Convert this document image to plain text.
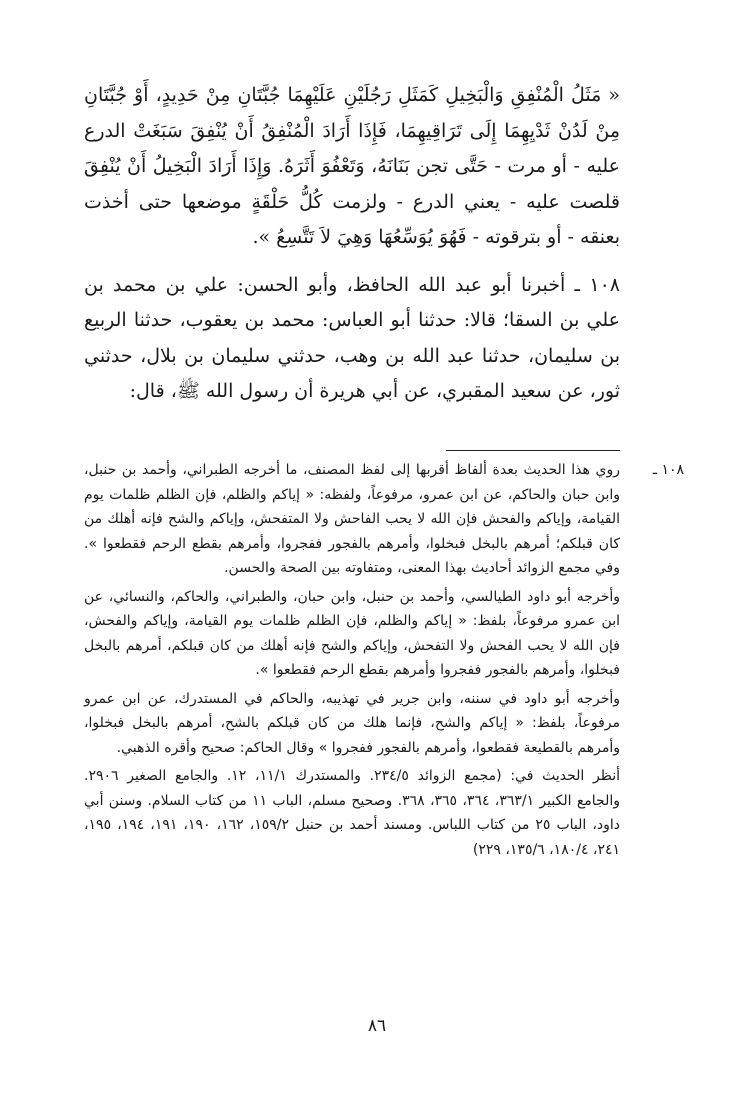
« مَثَلُ الْمُنْفِقِ وَالْبَخِيلِ كَمَثَلِ رَجُلَيْنِ عَلَيْهِمَا جُبَّتَانِ مِنْ حَدِيدٍ، أَوْ جُبَّتَانِ مِنْ لَدُنْ ثَدْيِهِمَا إِلَى تَرَاقِيهِمَا، فَإِذَا أَرَادَ الْمُنْفِقُ أَنْ يُنْفِقَ سَبَغَتْ الدرع عليه - أو مرت - حَتَّى تجن بَنَانَهُ، وَتَعْفُوَ أَثَرَهُ. وَإِذَا أَرَادَ الْبَخِيلُ أَنْ يُنْفِقَ قلصت عليه - يعني الدرع - ولزمت كُلُّ حَلْقَةٍ موضعها حتى أخذت بعنقه - أو بترقوته - فَهُوَ يُوَسِّعُهَا وَهِيَ لاَ تَتَّسِعُ ».

١٠٨ ـ أخبرنا أبو عبد الله الحافظ، وأبو الحسن: علي بن محمد بن علي بن السقا؛ قالا: حدثنا أبو العباس: محمد بن يعقوب، حدثنا الربيع بن سليمان، حدثنا عبد الله بن وهب، حدثني سليمان بن بلال، حدثني ثور، عن سعيد المقبري، عن أبي هريرة أن رسول الله ﷺ، قال:

١٠٨ ـ

روي هذا الحديث بعدة ألفاظ أقربها إلى لفظ المصنف، ما أخرجه الطبراني، وأحمد بن حنبل، وابن حبان والحاكم، عن ابن عمرو، مرفوعاً، ولفظه: « إياكم والظلم، فإن الظلم ظلمات يوم القيامة، وإياكم والفحش فإن الله لا يحب الفاحش ولا المتفحش، وإياكم والشح فإنه أهلك من كان قبلكم؛ أمرهم بالبخل فبخلوا، وأمرهم بالفجور ففجروا، وأمرهم بقطع الرحم فقطعوا ». وفي مجمع الزوائد أحاديث بهذا المعنى، ومتفاوته بين الصحة والحسن.

وأخرجه أبو داود الطيالسي، وأحمد بن حنبل، وابن حبان، والطبراني، والحاكم، والنسائي، عن ابن عمرو مرفوعاً، بلفظ: « إياكم والظلم، فإن الظلم ظلمات يوم القيامة، وإياكم والفحش، فإن الله لا يحب الفحش ولا التفحش، وإياكم والشح فإنه أهلك من كان قبلكم، أمرهم بالبخل فبخلوا، وأمرهم بالفجور ففجروا وأمرهم بقطع الرحم فقطعوا ».

وأخرجه أبو داود في سننه، وابن جرير في تهذيبه، والحاكم في المستدرك، عن ابن عمرو مرفوعاً، بلفظ: « إياكم والشح، فإنما هلك من كان قبلكم بالشح، أمرهم بالبخل فبخلوا، وأمرهم بالقطيعة فقطعوا، وأمرهم بالفجور ففجروا » وقال الحاكم: صحيح وأقره الذهبي.

أنظر الحديث في: (مجمع الزوائد ٢٣٤/٥. والمستدرك ١١/١، ١٢. والجامع الصغير ٢٩٠٦. والجامع الكبير ٣٦٣/١، ٣٦٤، ٣٦٥، ٣٦٨. وصحيح مسلم، الباب ١١ من كتاب السلام. وسنن أبي داود، الباب ٢٥ من كتاب اللباس. ومسند أحمد بن حنبل ١٥٩/٢، ١٦٢، ١٩٠، ١٩١، ١٩٤، ١٩٥، ٢٤١، ١٨٠/٤، ١٣٥/٦، ٢٢٩)

٨٦
